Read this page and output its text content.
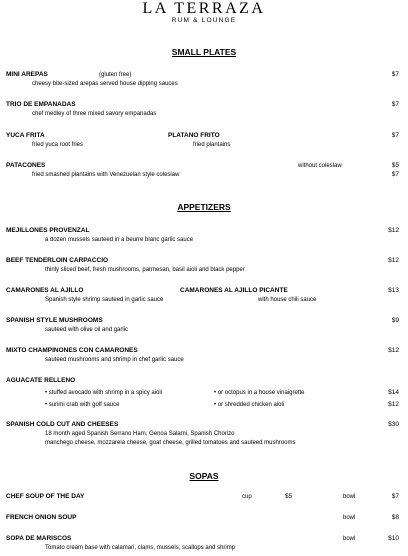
LA TERRAZA
RUM & LOUNGE
SMALL PLATES
MINI AREPAS	(gluten free)	$7
cheesy bite-sized arepas served house dipping sauces
TRIO DE EMPANADAS	$7
chef medley of three mixed savory empanadas
YUCA FRITA	PLATANO FRITO	$7
fried yuca root fries	fried plantains
PATACONES	without coleslaw	$5
fried smashed plantains with Venezuelan style coleslaw	$7
APPETIZERS
MEJILLONES PROVENZAL	$12
a dozen mussels sauteed in a beurre blanc garlic sauce
BEEF TENDERLOIN CARPACCIO	$12
thinly sliced beef, fresh mushrooms, parmesan, basil aioli and black pepper
CAMARONES AL AJILLO	CAMARONES AL AJILLO PICANTE	$13
Spanish style shrimp sauteed in garlic sauce	with house chili sauce
SPANISH STYLE MUSHROOMS	$9
sauteed with olive oil and garlic
MIXTO CHAMPINONES CON CAMARONES	$12
sauteed mushrooms and shrimp in chef garlic sauce
AGUACATE RELLENO
• stuffed avocado with shrimp in a spicy aioli	• or octopus in a house vinaigrette	$14
• surimi crab with golf sauce	• or shredded chicken aioli	$12
SPANISH COLD CUT AND CHEESES	$30
18 month aged Spanish Serrano Ham, Genoa Salami, Spanish Chorizo
manchego cheese, mozzarela cheese, goat cheese, grilled tomatoes and sauteed mushrooms
SOPAS
CHEF SOUP OF THE DAY	cup	$5	bowl	$7
FRENCH ONION SOUP	bowl	$8
SOPA DE MARISCOS	bowl	$10
Tomato cream base with calamari, clams, mussels, scallops and shrimp
